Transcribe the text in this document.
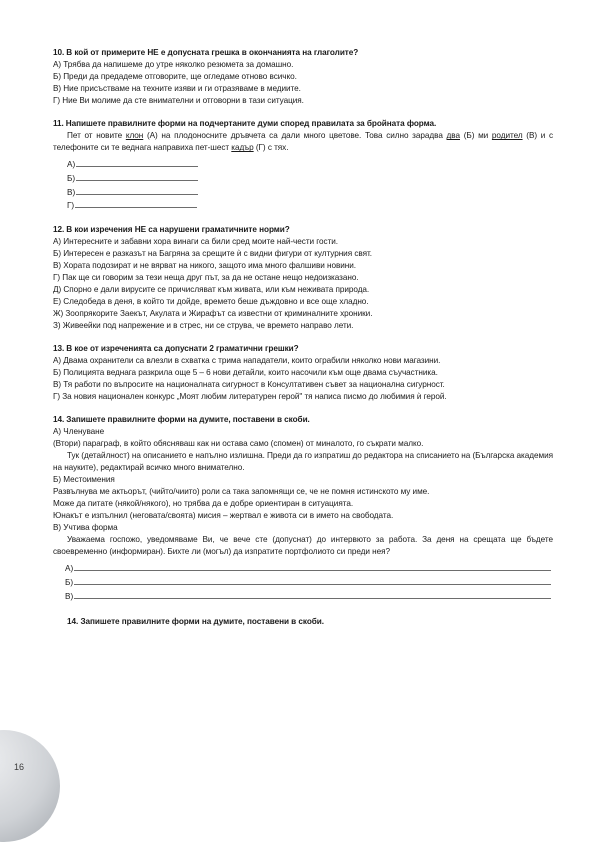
10. В кой от примерите НЕ е допусната грешка в окончанията на глаголите?

А) Трябва да напишеме до утре няколко резюмета за домашно.

Б) Преди да предадеме отговорите, ще огледаме отново всичко.

В) Ние присъстваме на техните изяви и ги отразяваме в медиите.

Г) Ние Ви молиме да сте внимателни и отговорни в тази ситуация.

11. Напишете правилните форми на подчертаните думи според правилата за бройната форма.

Пет от новите клон (А) на плодоносните дръвчета са дали много цветове. Това силно зарадва два (Б) ми родител (В) и с телефоните си те веднага направиха пет-шест кадър (Г) с тях.

А)
Б)
В)
Г)

12. В кои изречения НЕ са нарушени граматичните норми?

А) Интересните и забавни хора винаги са били сред моите най-чести гости.

Б) Интересен е разказът на Багряна за срещите ѝ с видни фигури от културния свят.

В) Хората подозират и не вярват на никого, защото има много фалшиви новини.

Г) Пак ще си говорим за тези неща друг път, за да не остане нещо недоизказано.

Д) Спорно е дали вирусите се причисляват към живата, или към неживата природа.

Е) Следобеда в деня, в който ти дойде, времето беше дъждовно и все още хладно.

Ж) Зоопрякорите Заекът, Акулата и Жирафът са известни от криминалните хроники.

З) Живеейки под напрежение и в стрес, ни се струва, че времето направо лети.

13. В кое от изреченията са допуснати 2 граматични грешки?

А) Двама охранители са влезли в схватка с трима нападатели, които ограбили няколко нови магазини.

Б) Полицията веднага разкрила още 5 – 6 нови детайли, които насочили към още двама съучастника.

В) Тя работи по въпросите на националната сигурност в Консултативен съвет за национална сигурност.

Г) За новия национален конкурс „Моят любим литературен герой" тя написа писмо до любимия ѝ герой.

14. Запишете правилните форми на думите, поставени в скоби.

А) Членуване

(Втори) параграф, в който обясняваш как ни остава само (спомен) от миналото, го съкрати малко.

Тук (детайлност) на описанието е напълно излишна. Преди да го изпратиш до редактора на списанието на (Българска академия на науките), редактирай всичко много внимателно.

Б) Местоимения

Развълнува ме актьорът, (чийто/чиито) роли са така запомнящи се, че не помня истинското му име.

Може да питате (някой/някого), но трябва да е добре ориентиран в ситуацията.

Юнакът е изпълнил (неговата/своята) мисия – жертвал е живота си в името на свободата.

В) Учтива форма

Уважаема госпожо, уведомяваме Ви, че вече сте (допуснат) до интервюто за работа. За деня на срещата ще бъдете своевременно (информиран). Бихте ли (могъл) да изпратите портфолиото си преди нея?

А)
Б)
В)

14. Запишете правилните форми на думите, поставени в скоби.

16
